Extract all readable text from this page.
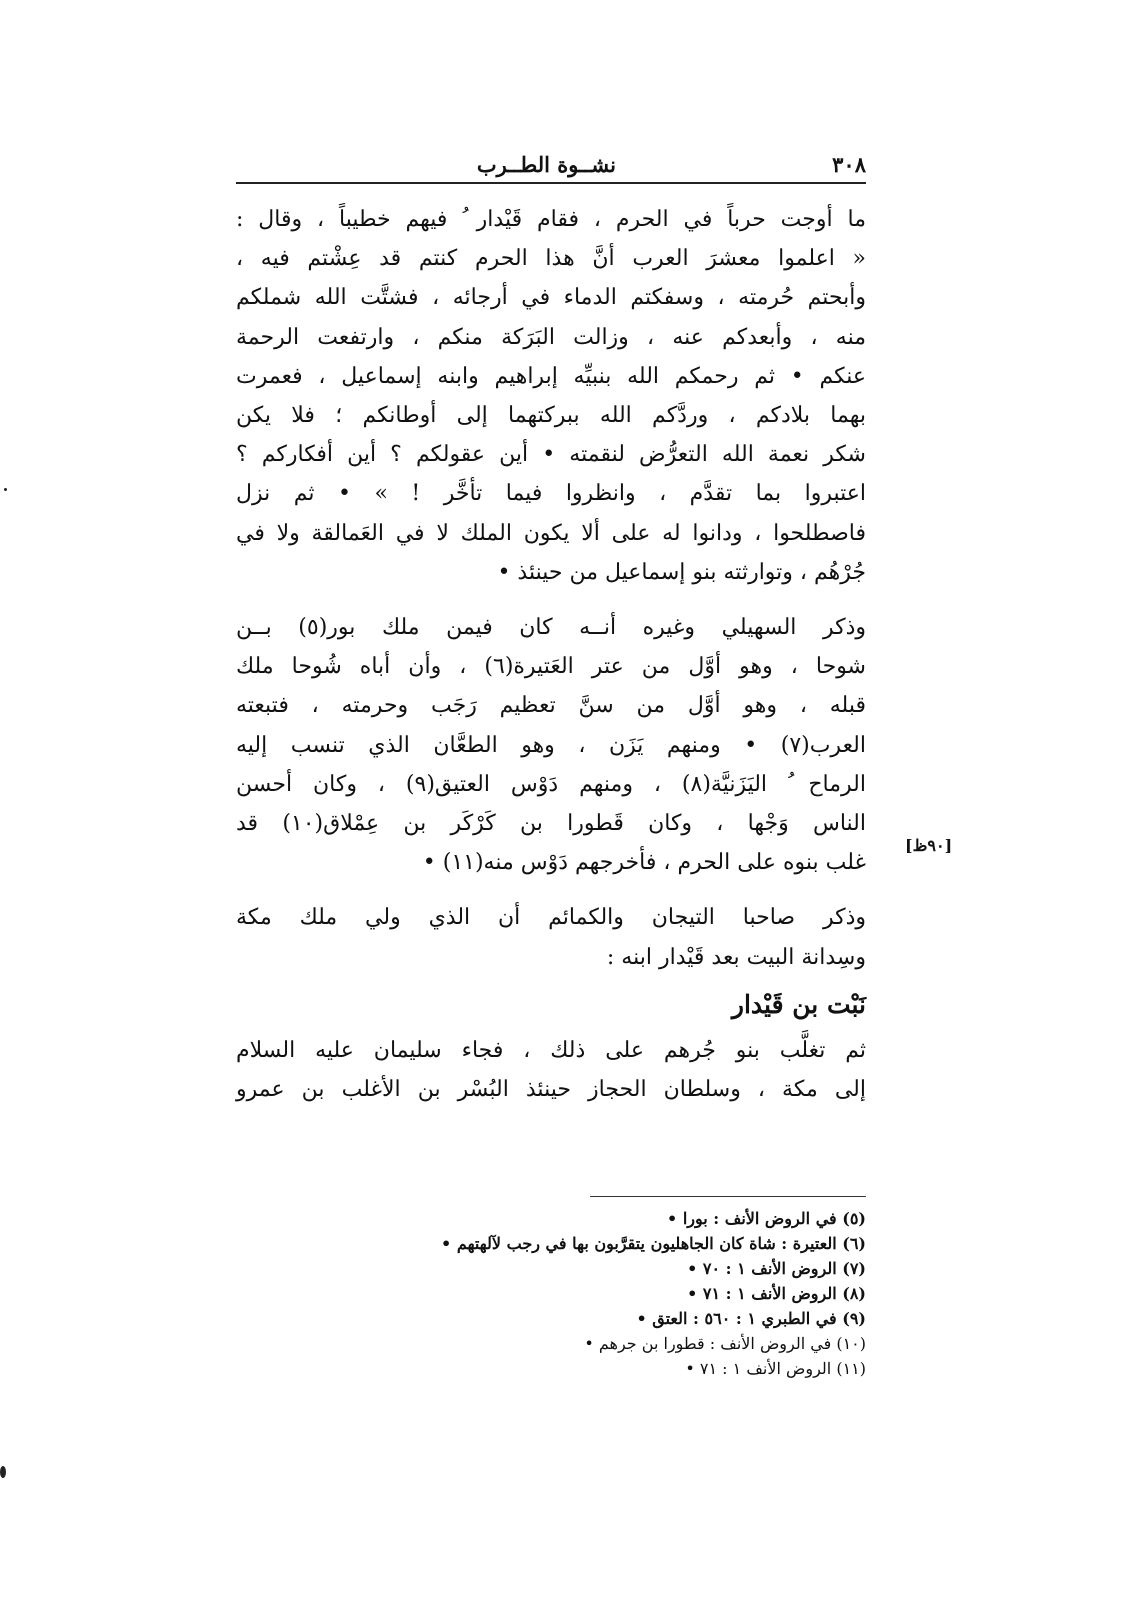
٣٠٨
نشــوة الطــرب
[٩٠ظ]

ما أوجت حرباً في الحرم ، فقام قَيْدار ُ فيهم خطيباً ، وقال :
« اعلموا معشرَ العرب أنَّ هذا الحرم كنتم قد عِشْتم فيه ،
وأبحتم حُرمته ، وسفكتم الدماء في أرجائه ، فشتَّت الله شملكم
منه ، وأبعدكم عنه ، وزالت البَرَكة منكم ، وارتفعت الرحمة
عنكم • ثم رحمكم الله بنبيِّه إبراهيم وابنه إسماعيل ، فعمرت
بهما بلادكم ، وردَّكم الله ببركتهما إلى أوطانكم ؛ فلا يكن
شكر نعمة الله التعرُّض لنقمته • أين عقولكم ؟ أين أفكاركم ؟
اعتبروا بما تقدَّم ، وانظروا فيما تأخَّر ! » • ثم نزل
فاصطلحوا ، ودانوا له على ألا يكون الملك لا في العَمالقة ولا في
جُرْهُم ، وتوارثته بنو إسماعيل من حينئذ •

وذكر السهيلي وغيره أنــه كان فيمن ملك بور(٥) بــن
شوحا ، وهو أوَّل من عتر العَتيرة(٦) ، وأن أباه شُوحا ملك
قبله ، وهو أوَّل من سنَّ تعظيم رَجَب وحرمته ، فتبعته
العرب(٧) • ومنهم يَزَن ، وهو الطعَّان الذي تنسب إليه
الرماح ُ اليَزَنيَّة(٨) ، ومنهم دَوْس العتيق(٩) ، وكان أحسن
الناس وَجْها ، وكان قَطورا بن كَرْكَر بن عِمْلاق(١٠) قد
غلب بنوه على الحرم ، فأخرجهم دَوْس منه(١١) •

وذكر صاحبا التيجان والكمائم أن الذي ولي ملك مكة
وسِدانة البيت بعد قَيْدار ابنه :

نَبْت بن قَيْدار

ثم تغلَّب بنو جُرهم على ذلك ، فجاء سليمان عليه السلام
إلى مكة ، وسلطان الحجاز حينئذ البُسْر بن الأغلب بن عمرو

(٥) في الروض الأنف : بورا •
(٦) العتيرة : شاة كان الجاهليون يتقرَّبون بها في رجب لآلهتهم •
(٧) الروض الأنف ١ : ٧٠ •
(٨) الروض الأنف ١ : ٧١ •
(٩) في الطبري ١ : ٥٦٠ : العتق •
(١٠) في الروض الأنف : قطورا بن جرهم •
(١١) الروض الأنف ١ : ٧١ •
